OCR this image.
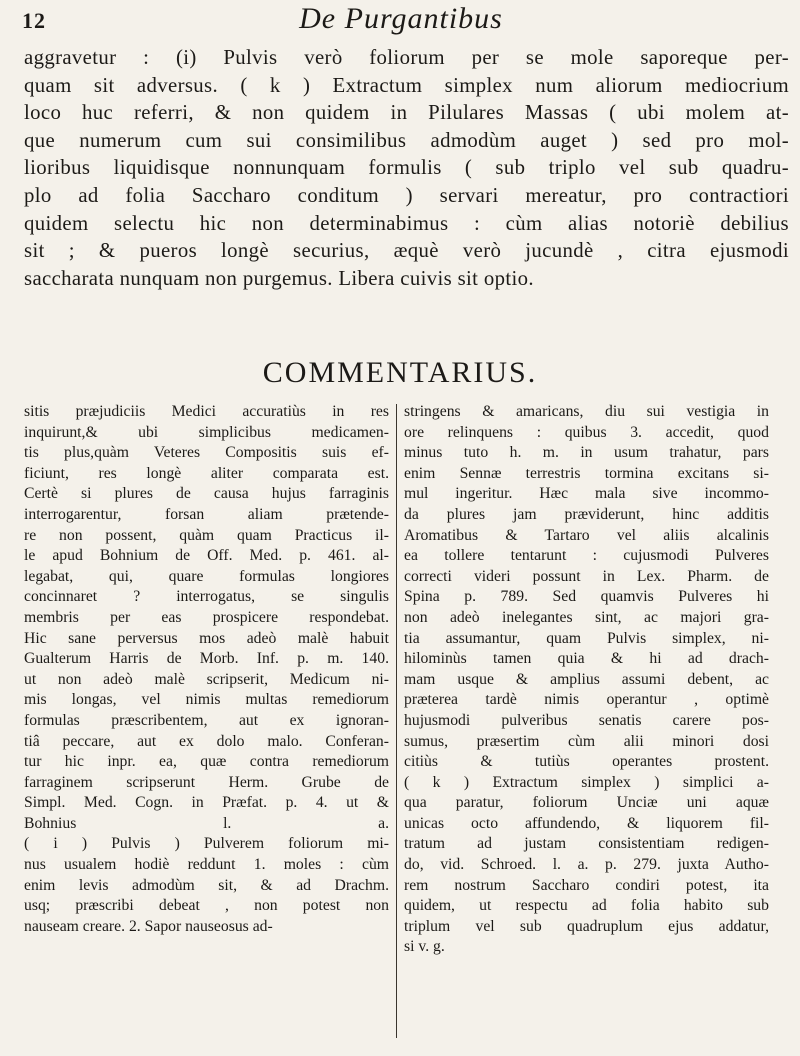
12	De Purgantibus
aggravetur : (i) Pulvis verò foliorum per se mole saporeque per-
quam sit adversus. ( k ) Extractum simplex num aliorum mediocrium
loco huc referri, & non quidem in Pilulares Massas ( ubi molem at-
que numerum cum sui consimilibus admodùm auget ) sed pro mol-
lioribus liquidisque nonnunquam formulis ( sub triplo vel sub quadru-
plo ad folia Saccharo conditum ) servari mereatur, pro contractiori
quidem selectu hic non determinabimus : cùm alias notoriè debilius
sit ; & pueros longè securius, æquè verò jucundè , citra ejusmodi
saccharata nunquam non purgemus. Libera cuivis sit optio.
COMMENTARIUS.
sitis præjudiciis Medici accuratiùs in res
inquirunt,& ubi simplicibus medicamen-
tis plus,quàm Veteres Compositis suis ef-
ficiunt, res longè aliter comparata est.
Certè si plures de causa hujus farraginis
interrogarentur, forsan aliam prætende-
re non possent, quàm quam Practicus il-
le apud Bohnium de Off. Med. p. 461. al-
legabat, qui, quare formulas longiores
concinnaret ? interrogatus, se singulis
membris per eas prospicere respondebat.
Hic sane perversus mos adeò malè habuit
Gualterum Harris de Morb. Inf. p. m. 140.
ut non adeò malè scripserit, Medicum ni-
mis longas, vel nimis multas remediorum
formulas præscribentem, aut ex ignoran-
tiâ peccare, aut ex dolo malo. Conferan-
tur hic inpr. ea, quæ contra remediorum
farraginem scripserunt Herm. Grube de
Simpl. Med. Cogn. in Præfat. p. 4. ut &
Bohnius l. a.
( i ) Pulvis ) Pulverem foliorum mi-
nus usualem hodiè reddunt 1. moles : cùm
enim levis admodùm sit, & ad Drachm.
usq; præscribi debeat , non potest non
nauseam creare. 2. Sapor nauseosus ad-
stringens & amaricans, diu sui vestigia in
ore relinquens : quibus 3. accedit, quod
minus tuto h. m. in usum trahatur, pars
enim Sennæ terrestris tormina excitans si-
mul ingeritur. Hæc mala sive incommo-
da plures jam præviderunt, hinc additis
Aromatibus & Tartaro vel aliis alcalinis
ea tollere tentarunt : cujusmodi Pulveres
correcti videri possunt in Lex. Pharm. de
Spina p. 789. Sed quamvis Pulveres hi
non adeò inelegantes sint, ac majori gra-
tia assumantur, quam Pulvis simplex, ni-
hilominùs tamen quia & hi ad drach-
mam usque & amplius assumi debent, ac
præterea tardè nimis operantur , optimè
hujusmodi pulveribus senatis carere pos-
sumus, præsertim cùm alii minori dosi
citiùs & tutiùs operantes prostent.
( k ) Extractum simplex ) simplici a-
qua paratur, foliorum Unciæ uni aquæ
unicas octo affundendo, & liquorem fil-
tratum ad justam consistentiam redigen-
do, vid. Schroed. l. a. p. 279. juxta Autho-
rem nostrum Saccharo condiri potest, ita
quidem, ut respectu ad folia habito sub
triplum vel sub quadruplum ejus addatur,
si v. g.
